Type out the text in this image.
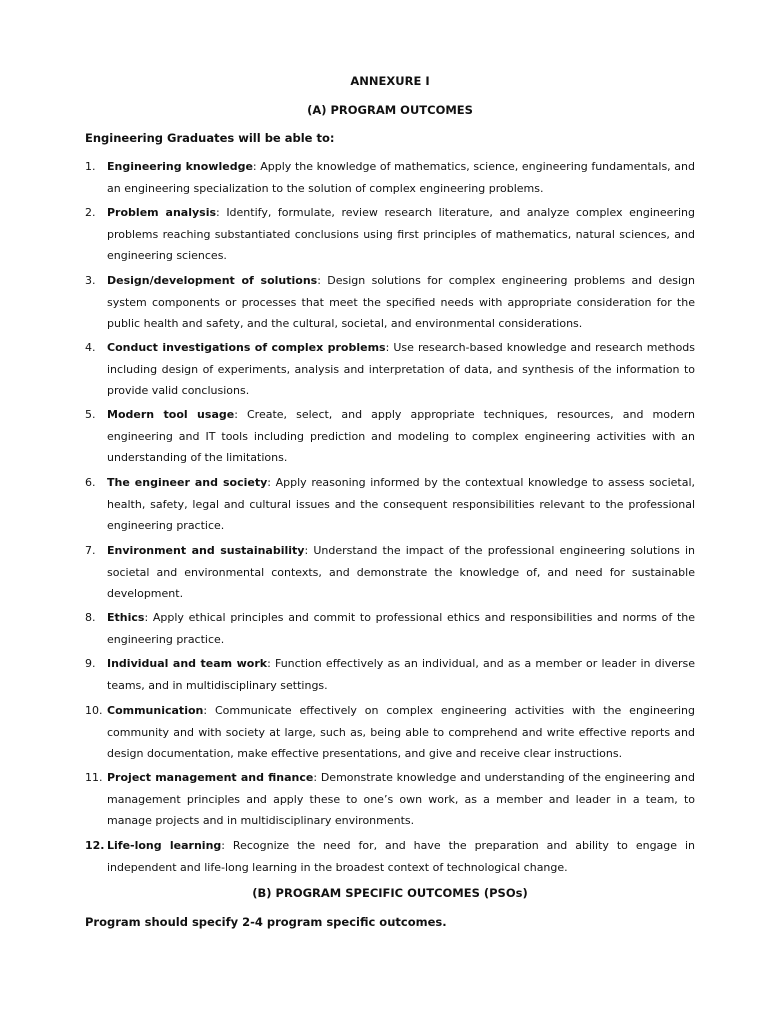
ANNEXURE I
(A) PROGRAM OUTCOMES
Engineering Graduates will be able to:
1.	Engineering knowledge: Apply the knowledge of mathematics, science, engineering fundamentals, and an engineering specialization to the solution of complex engineering problems.
2.	Problem analysis: Identify, formulate, review research literature, and analyze complex engineering problems reaching substantiated conclusions using first principles of mathematics, natural sciences, and engineering sciences.
3.	Design/development of solutions: Design solutions for complex engineering problems and design system components or processes that meet the specified needs with appropriate consideration for the public health and safety, and the cultural, societal, and environmental considerations.
4.	Conduct investigations of complex problems: Use research-based knowledge and research methods including design of experiments, analysis and interpretation of data, and synthesis of the information to provide valid conclusions.
5.	Modern tool usage: Create, select, and apply appropriate techniques, resources, and modern engineering and IT tools including prediction and modeling to complex engineering activities with an understanding of the limitations.
6.	The engineer and society: Apply reasoning informed by the contextual knowledge to assess societal, health, safety, legal and cultural issues and the consequent responsibilities relevant to the professional engineering practice.
7.	Environment and sustainability: Understand the impact of the professional engineering solutions in societal and environmental contexts, and demonstrate the knowledge of, and need for sustainable development.
8.	Ethics: Apply ethical principles and commit to professional ethics and responsibilities and norms of the engineering practice.
9.	Individual and team work: Function effectively as an individual, and as a member or leader in diverse teams, and in multidisciplinary settings.
10. Communication: Communicate effectively on complex engineering activities with the engineering community and with society at large, such as, being able to comprehend and write effective reports and design documentation, make effective presentations, and give and receive clear instructions.
11. Project management and finance: Demonstrate knowledge and understanding of the engineering and management principles and apply these to one’s own work, as a member and leader in a team, to manage projects and in multidisciplinary environments.
12. Life-long learning: Recognize the need for, and have the preparation and ability to engage in independent and life-long learning in the broadest context of technological change.
(B) PROGRAM SPECIFIC OUTCOMES (PSOs)
Program should specify 2-4 program specific outcomes.
